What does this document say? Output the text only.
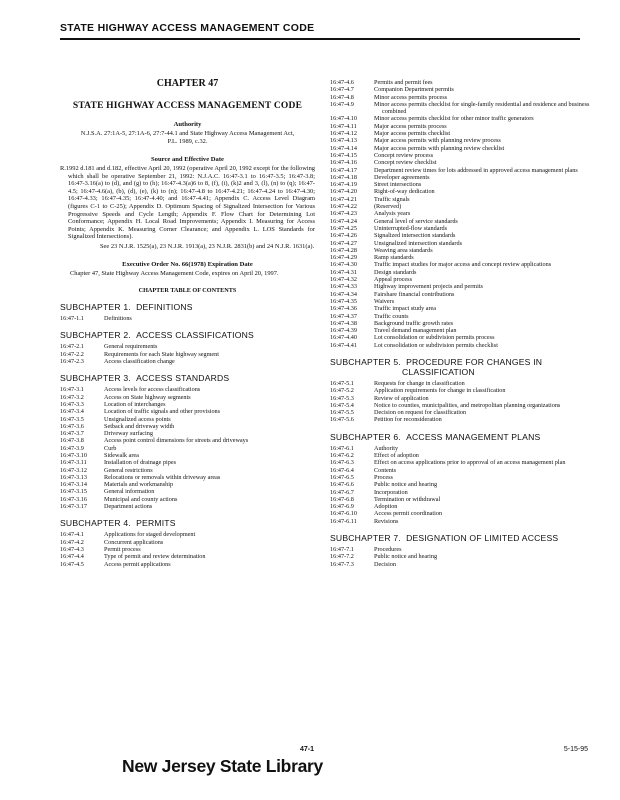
STATE HIGHWAY ACCESS MANAGEMENT CODE
CHAPTER 47
STATE HIGHWAY ACCESS MANAGEMENT CODE
Authority
N.J.S.A. 27:1A-5, 27:1A-6, 27:7-44.1 and State Highway Access Management Act, P.L. 1989, c.32.
Source and Effective Date
R.1992 d.181 and d.182, effective April 20, 1992 (operative April 20, 1992 except for the following which shall be operative September 21, 1992: N.J.A.C. 16:47-3.1 to 16:47-3.5; 16:47-3.8; 16:47-3.16(a) to (d), and (g) to (h); 16:47-4.3(a)6 to 8, (f), (i), (k)2 and 3, (l), (n) to (q); 16:47-4.5; 16:47-4.6(a), (b), (d), (e), (k) to (n); 16:47-4.8 to 16:47-4.21; 16:47-4.24 to 16:47-4.30; 16:47-4.33; 16:47-4.35; 16:47-4.40; and 16:47-4.41; Appendix C. Access Level Diagram (figures C-1 to C-25); Appendix D. Optimum Spacing of Signalized Intersection for Various Progressive Speeds and Cycle Length; Appendix F. Flow Chart for Determining Lot Conformance; Appendix H. Local Road Improvements; Appendix I. Measuring for Access Points; Appendix K. Measuring Corner Clearance; and Appendix L. LOS Standards for Signalized Intersections).
See 23 N.J.R. 1525(a), 23 N.J.R. 1913(a), 23 N.J.R. 2831(b) and 24 N.J.R. 1631(a).
Executive Order No. 66(1978) Expiration Date
Chapter 47, State Highway Access Management Code, expires on April 20, 1997.
CHAPTER TABLE OF CONTENTS
SUBCHAPTER 1. DEFINITIONS
16:47-1.1	Definitions
SUBCHAPTER 2. ACCESS CLASSIFICATIONS
16:47-2.1	General requirements
16:47-2.2	Requirements for each State highway segment
16:47-2.3	Access classification change
SUBCHAPTER 3. ACCESS STANDARDS
16:47-3.1	Access levels for access classifications
16:47-3.2	Access on State highway segments
16:47-3.3	Location of interchanges
16:47-3.4	Location of traffic signals and other provisions
16:47-3.5	Unsignalized access points
16:47-3.6	Setback and driveway width
16:47-3.7	Driveway surfacing
16:47-3.8	Access point control dimensions for streets and driveways
16:47-3.9	Curb
16:47-3.10	Sidewalk area
16:47-3.11	Installation of drainage pipes
16:47-3.12	General restrictions
16:47-3.13	Relocations or removals within driveway areas
16:47-3.14	Materials and workmanship
16:47-3.15	General information
16:47-3.16	Municipal and county actions
16:47-3.17	Department actions
SUBCHAPTER 4. PERMITS
16:47-4.1	Applications for staged development
16:47-4.2	Concurrent applications
16:47-4.3	Permit process
16:47-4.4	Type of permit and review determination
16:47-4.5	Access permit applications
16:47-4.6	Permits and permit fees
16:47-4.7	Companion Department permits
16:47-4.8	Minor access permits process
16:47-4.9	Minor access permits checklist for single-family residential and residence and business combined
16:47-4.10	Minor access permits checklist for other minor traffic generators
16:47-4.11	Major access permits process
16:47-4.12	Major access permits checklist
16:47-4.13	Major access permits with planning review process
16:47-4.14	Major access permits with planning review checklist
16:47-4.15	Concept review process
16:47-4.16	Concept review checklist
16:47-4.17	Department review times for lots addressed in approved access management plans
16:47-4.18	Developer agreements
16:47-4.19	Street intersections
16:47-4.20	Right-of-way dedication
16:47-4.21	Traffic signals
16:47-4.22	(Reserved)
16:47-4.23	Analysis years
16:47-4.24	General level of service standards
16:47-4.25	Uninterrupted-flow standards
16:47-4.26	Signalized intersection standards
16:47-4.27	Unsignalized intersection standards
16:47-4.28	Weaving area standards
16:47-4.29	Ramp standards
16:47-4.30	Traffic impact studies for major access and concept review applications
16:47-4.31	Design standards
16:47-4.32	Appeal process
16:47-4.33	Highway improvement projects and permits
16:47-4.34	Fairshare financial contributions
16:47-4.35	Waivers
16:47-4.36	Traffic impact study area
16:47-4.37	Traffic counts
16:47-4.38	Background traffic growth rates
16:47-4.39	Travel demand management plan
16:47-4.40	Lot consolidation or subdivision permits process
16:47-4.41	Lot consolidation or subdivision permits checklist
SUBCHAPTER 5. PROCEDURE FOR CHANGES IN
CLASSIFICATION
16:47-5.1	Requests for change in classification
16:47-5.2	Application requirements for change in classification
16:47-5.3	Review of application
16:47-5.4	Notice to counties, municipalities, and metropolitan planning organizations
16:47-5.5	Decision on request for classification
16:47-5.6	Petition for reconsideration
SUBCHAPTER 6. ACCESS MANAGEMENT PLANS
16:47-6.1	Authority
16:47-6.2	Effect of adoption
16:47-6.3	Effect on access applications prior to approval of an access management plan
16:47-6.4	Contents
16:47-6.5	Process
16:47-6.6	Public notice and hearing
16:47-6.7	Incorporation
16:47-6.8	Termination or withdrawal
16:47-6.9	Adoption
16:47-6.10	Access permit coordination
16:47-6.11	Revisions
SUBCHAPTER 7. DESIGNATION OF LIMITED ACCESS
16:47-7.1	Procedures
16:47-7.2	Public notice and hearing
16:47-7.3	Decision
47-1	5-15-95
New Jersey State Library
